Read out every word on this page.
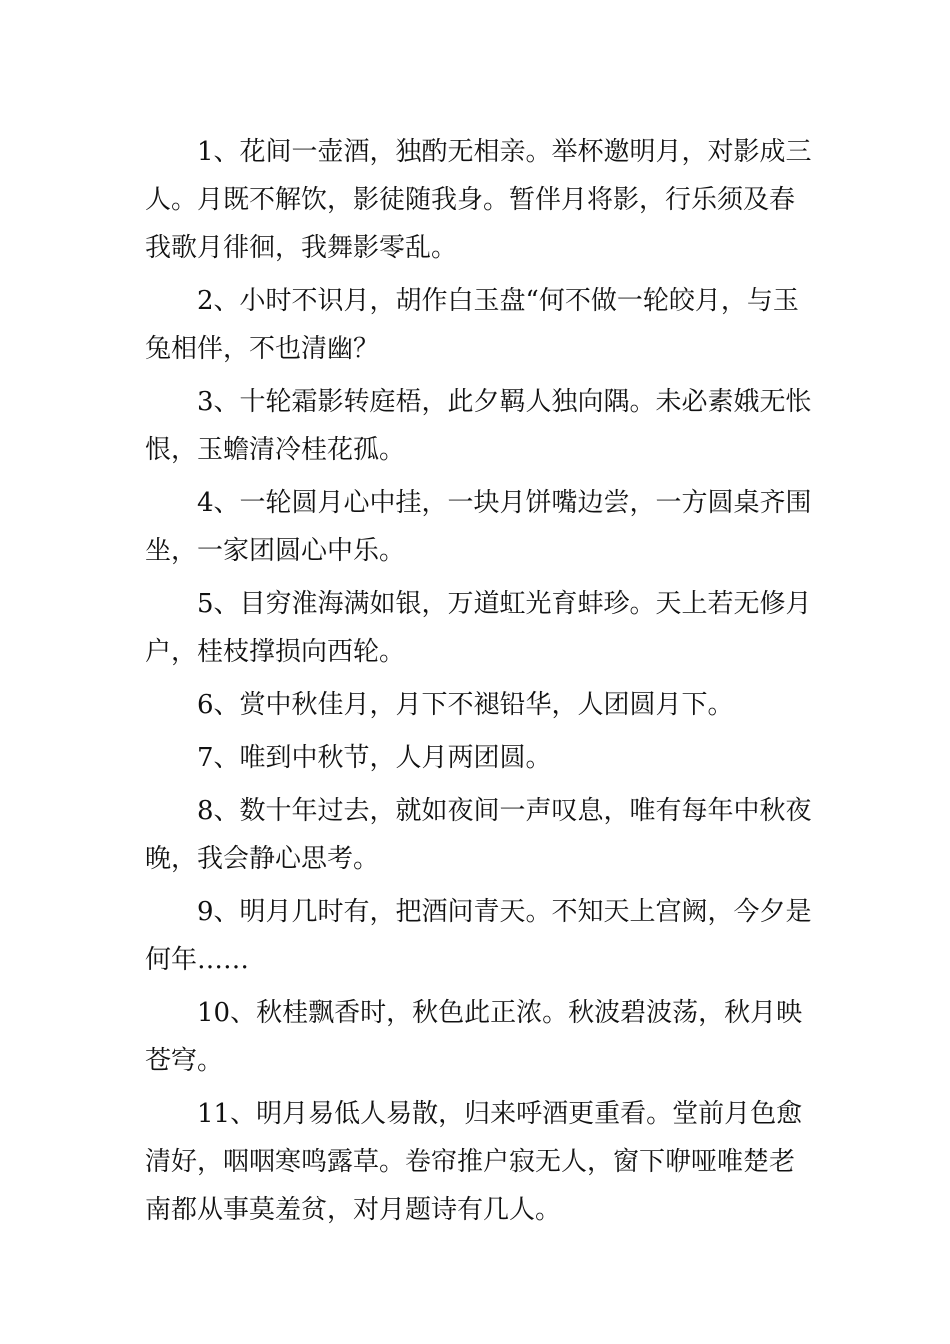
1、花间一壶酒，独酌无相亲。举杯邀明月，对影成三
人。月既不解饮，影徒随我身。暂伴月将影，行乐须及春
我歌月徘徊，我舞影零乱。

2、小时不识月，胡作白玉盘“何不做一轮皎月，与玉
兔相伴，不也清幽？

3、十轮霜影转庭梧，此夕羁人独向隅。未必素娥无怅
恨，玉蟾清冷桂花孤。

4、一轮圆月心中挂，一块月饼嘴边尝，一方圆桌齐围
坐，一家团圆心中乐。

5、目穷淮海满如银，万道虹光育蚌珍。天上若无修月
户，桂枝撑损向西轮。

6、赏中秋佳月，月下不褪铅华，人团圆月下。

7、唯到中秋节，人月两团圆。

8、数十年过去，就如夜间一声叹息，唯有每年中秋夜
晚，我会静心思考。

9、明月几时有，把酒问青天。不知天上宫阙，今夕是
何年……

10、秋桂飘香时，秋色此正浓。秋波碧波荡，秋月映
苍穹。

11、明月易低人易散，归来呼酒更重看。堂前月色愈
清好，咽咽寒鸣露草。卷帘推户寂无人，窗下咿哑唯楚老
南都从事莫羞贫，对月题诗有几人。
